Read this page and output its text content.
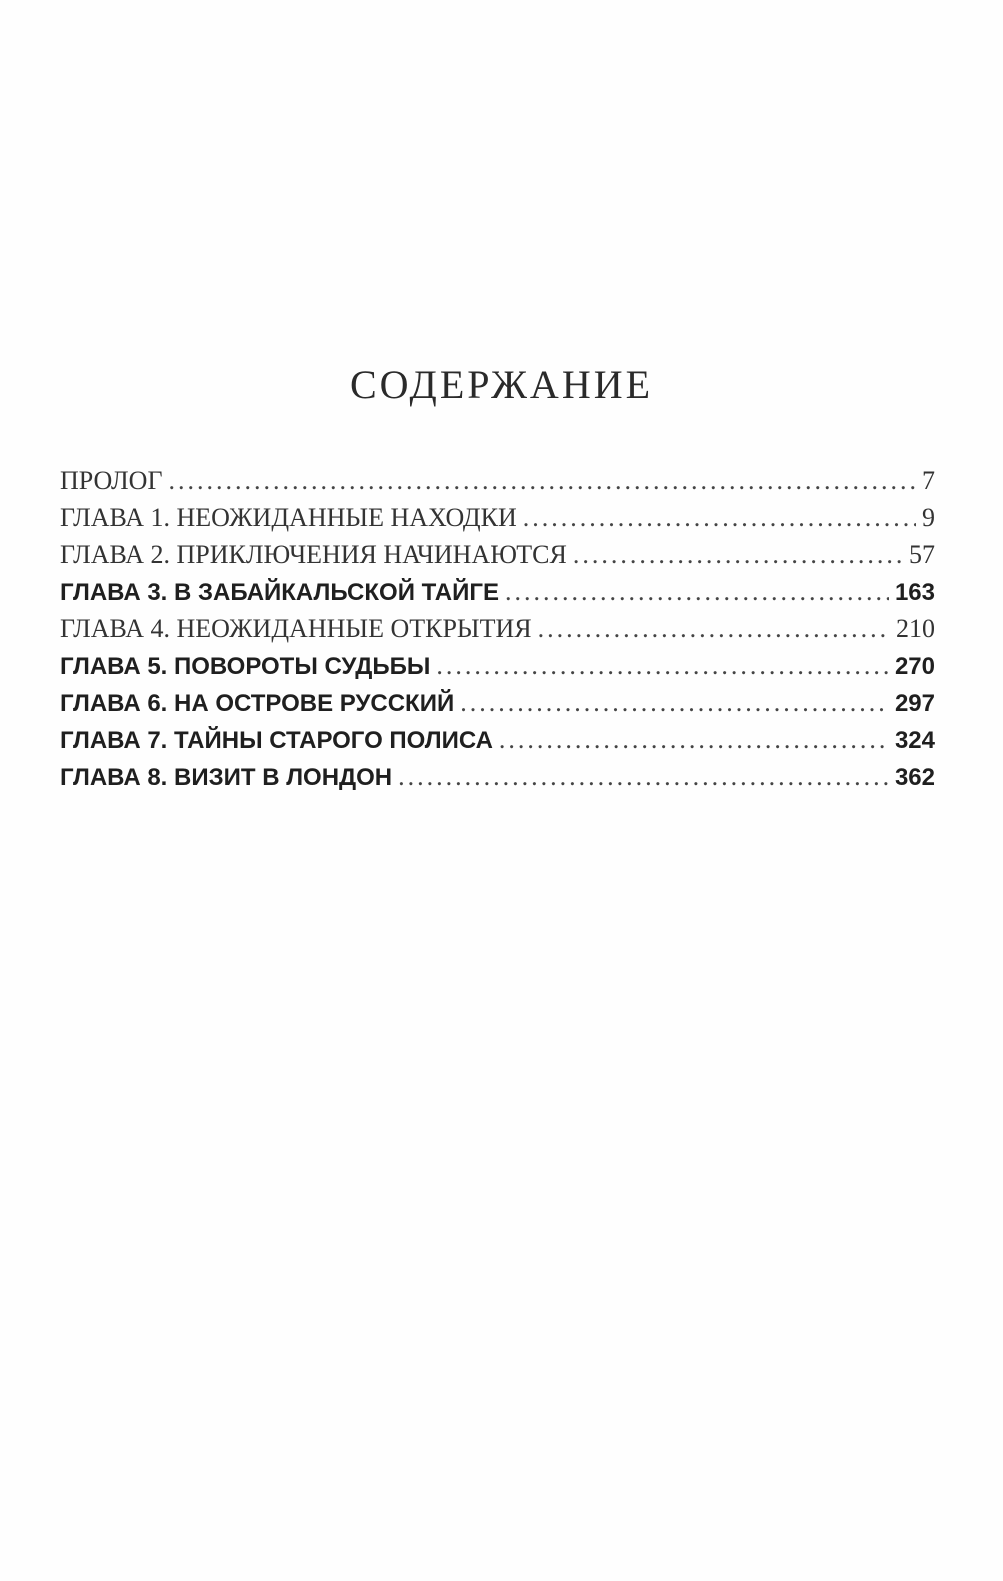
СОДЕРЖАНИЕ
ПРОЛОГ .....	7
ГЛАВА 1. НЕОЖИДАННЫЕ НАХОДКИ .....	9
ГЛАВА 2. ПРИКЛЮЧЕНИЯ НАЧИНАЮТСЯ .....	57
ГЛАВА 3. В ЗАБАЙКАЛЬСКОЙ ТАЙГЕ .....	163
ГЛАВА 4. НЕОЖИДАННЫЕ ОТКРЫТИЯ .....	210
ГЛАВА 5. ПОВОРОТЫ СУДЬБЫ .....	270
ГЛАВА 6. НА ОСТРОВЕ РУССКИЙ .....	297
ГЛАВА 7. ТАЙНЫ СТАРОГО ПОЛИСА .....	324
ГЛАВА 8. ВИЗИТ В ЛОНДОН .....	362
